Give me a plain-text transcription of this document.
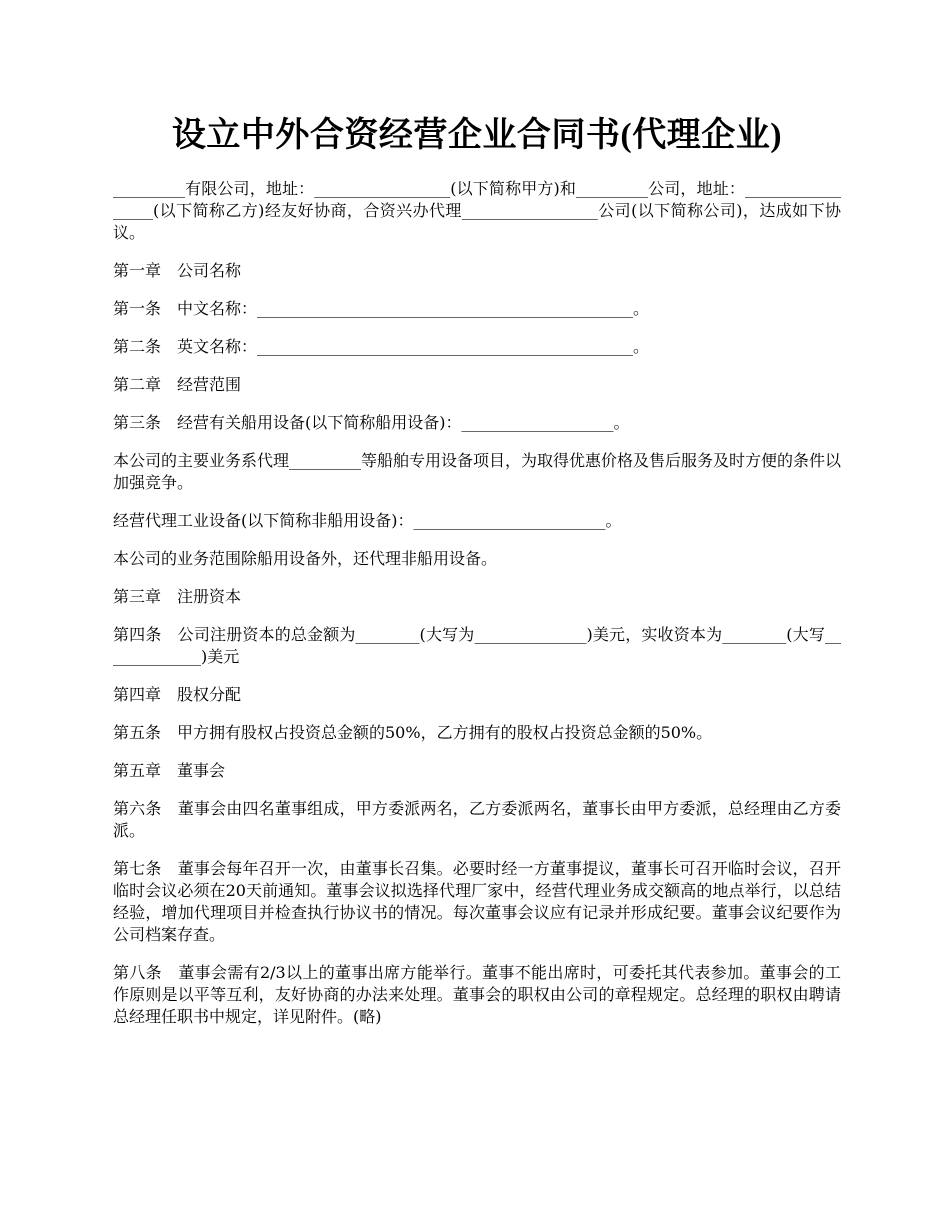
设立中外合资经营企业合同书(代理企业)

_________有限公司，地址：_________________(以下简称甲方)和_________公司，地址：_________________(以下简称乙方)经友好协商，合资兴办代理_________________公司(以下简称公司)，达成如下协议。

第一章　公司名称

第一条　中文名称：_______________________________________________。

第二条　英文名称：_______________________________________________。

第二章　经营范围

第三条　经营有关船用设备(以下简称船用设备)：___________________。

本公司的主要业务系代理_________等船舶专用设备项目，为取得优惠价格及售后服务及时方便的条件以加强竞争。

经营代理工业设备(以下简称非船用设备)：________________________。

本公司的业务范围除船用设备外，还代理非船用设备。

第三章　注册资本

第四条　公司注册资本的总金额为________(大写为______________)美元，实收资本为________(大写_____________)美元

第四章　股权分配

第五条　甲方拥有股权占投资总金额的50%，乙方拥有的股权占投资总金额的50%。

第五章　董事会

第六条　董事会由四名董事组成，甲方委派两名，乙方委派两名，董事长由甲方委派，总经理由乙方委派。

第七条　董事会每年召开一次，由董事长召集。必要时经一方董事提议，董事长可召开临时会议，召开临时会议必须在20天前通知。董事会议拟选择代理厂家中，经营代理业务成交额高的地点举行，以总结经验，增加代理项目并检查执行协议书的情况。每次董事会议应有记录并形成纪要。董事会议纪要作为公司档案存查。

第八条　董事会需有2/3以上的董事出席方能举行。董事不能出席时，可委托其代表参加。董事会的工作原则是以平等互利，友好协商的办法来处理。董事会的职权由公司的章程规定。总经理的职权由聘请总经理任职书中规定，详见附件。(略)
